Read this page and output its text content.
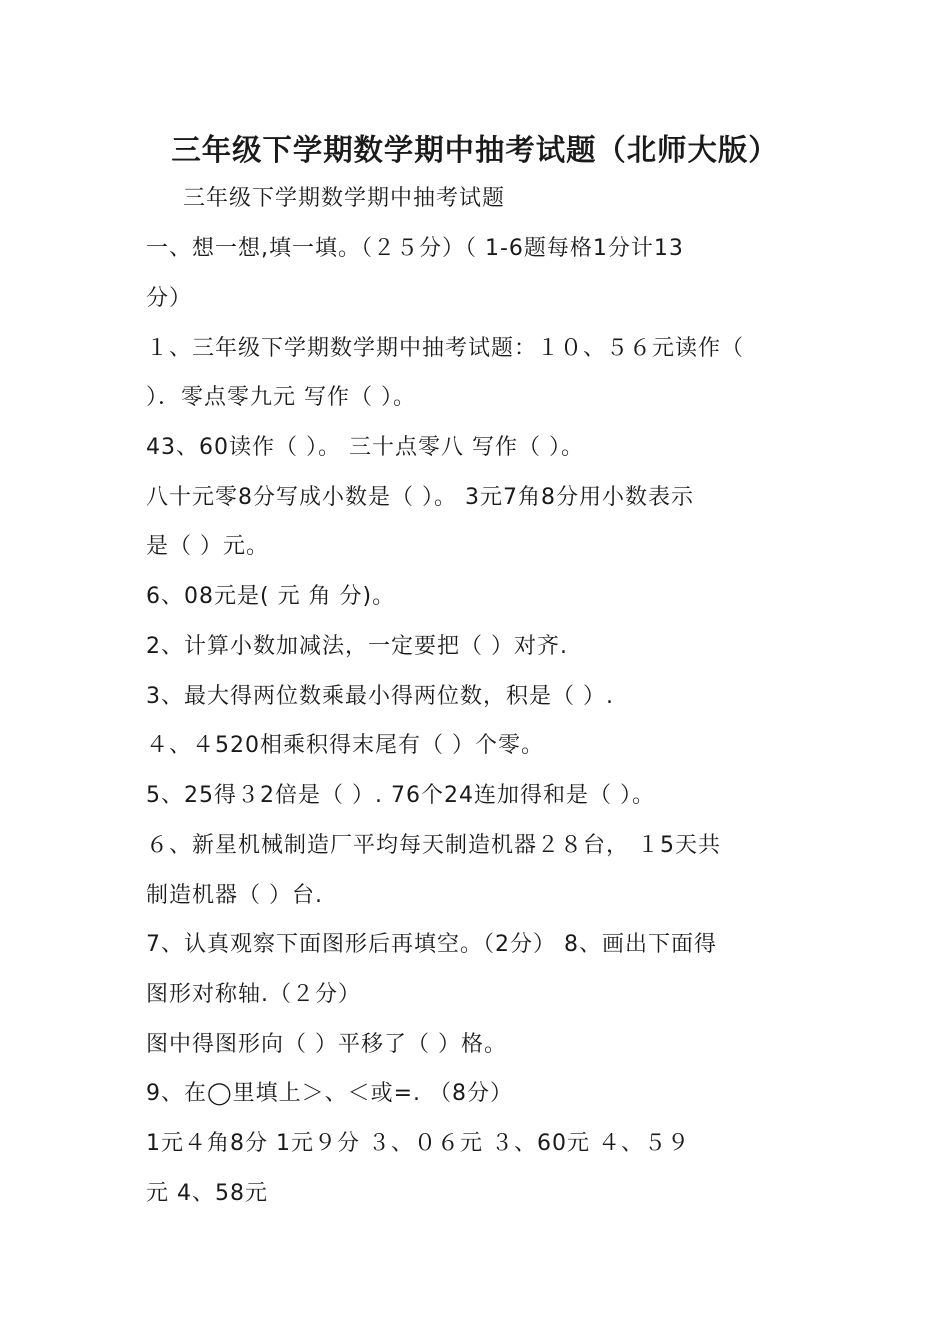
三年级下学期数学期中抽考试题（北师大版）
三年级下学期数学期中抽考试题
一、想一想,填一填。（２５分）（ 1-6题每格1分计13
分）
１、三年级下学期数学期中抽考试题：１０、５６元读作（
）．零点零九元 写作（ ）。
43、60读作（ ）。 三十点零八 写作（ ）。
八十元零8分写成小数是（ ）。 3元7角8分用小数表示
是（ ）元。
6、08元是( 元 角 分)。
2、计算小数加减法，一定要把（ ）对齐.
3、最大得两位数乘最小得两位数，积是（ ）.
４、４520相乘积得末尾有（ ）个零。
5、25得３2倍是（ ）. 76个24连加得和是（ ）。
６、新星机械制造厂平均每天制造机器２８台， １5天共
制造机器（ ）台.
7、认真观察下面图形后再填空。（2分） 8、画出下面得
图形对称轴.（２分）
图中得图形向（ ）平移了（ ）格。
9、在◯里填上＞、＜或=. （8分）
1元４角8分 1元９分 ３、０６元 ３、60元 ４、５９
元 4、58元
